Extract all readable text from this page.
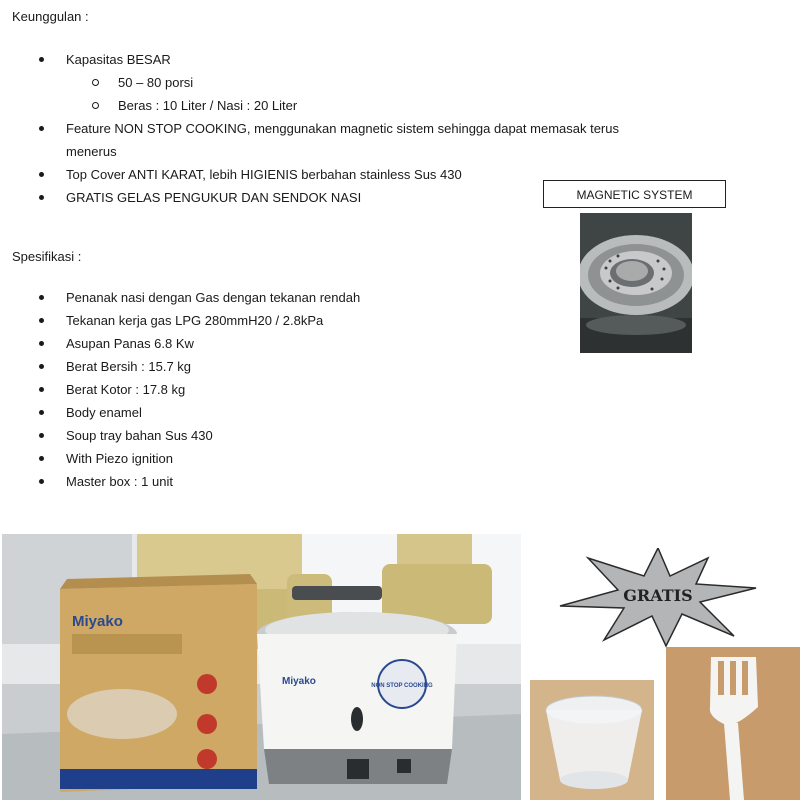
Keunggulan :
Kapasitas BESAR
50 – 80 porsi
Beras : 10 Liter / Nasi : 20 Liter
Feature NON STOP COOKING, menggunakan magnetic sistem sehingga dapat memasak terus
menerus
Top Cover ANTI KARAT, lebih HIGIENIS berbahan stainless Sus 430
GRATIS GELAS PENGUKUR DAN SENDOK NASI	MAGNETIC SYSTEM
Spesifikasi :
Penanak nasi dengan Gas dengan tekanan rendah
Tekanan kerja gas LPG 280mmH20 / 2.8kPa
Asupan Panas 6.8 Kw
Berat Bersih : 15.7 kg
Berat Kotor : 17.8 kg
Body enamel
Soup tray bahan Sus 430
With Piezo ignition
Master box : 1 unit
Miyako
Miyako	NON STOP COOKING
GRATIS
